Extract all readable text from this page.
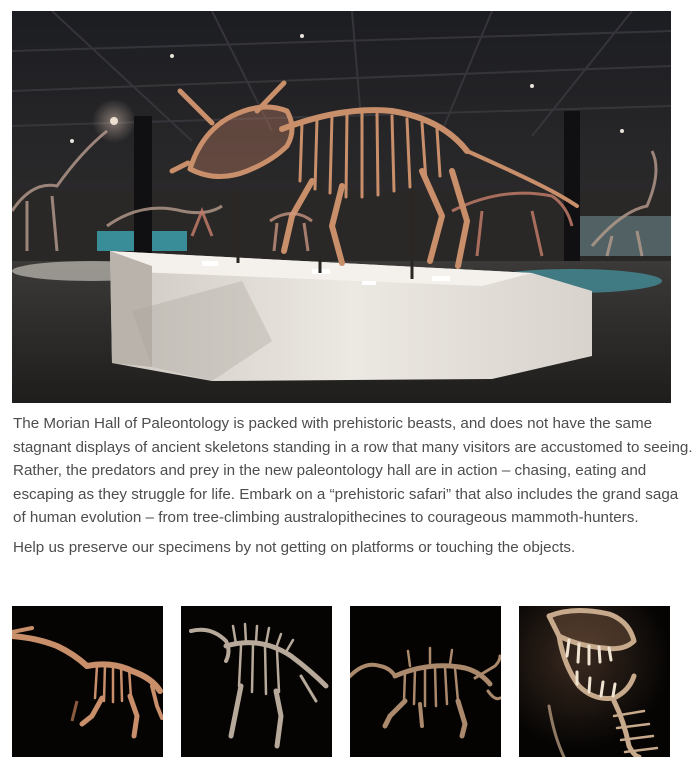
The Morian Hall of Paleontology is packed with prehistoric beasts, and does not have the same stagnant displays of ancient skeletons standing in a row that many visitors are accustomed to seeing. Rather, the predators and prey in the new paleontology hall are in action – chasing, eating and escaping as they struggle for life. Embark on a “prehistoric safari” that also includes the grand saga of human evolution – from tree-climbing australopithecines to courageous mammoth-hunters.

Help us preserve our specimens by not getting on platforms or touching the objects.
